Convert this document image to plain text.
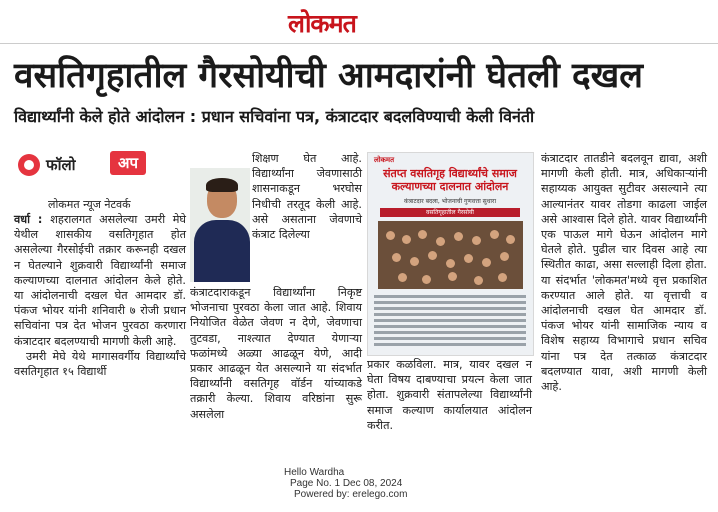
लोकमत
वसतिगृहातील गैरसोयीची आमदारांनी घेतली दखल
विद्यार्थ्यांनी केले होते आंदोलन : प्रधान सचिवांना पत्र, कंत्राटदार बदलविण्याची केली विनंती
फॉलो	अप
लोकमत न्यूज नेटवर्क

वर्धा : शहरालगत असलेल्या उमरी मेघे येथील शासकीय वसतिगृहात होत असलेल्या गैरसोईची तक्रार करूनही दखल न घेतल्याने शुक्रवारी विद्यार्थ्यांनी समाज कल्याणच्या दालनात आंदोलन केले होते. या आंदोलनाची दखल घेत आमदार डॉ. पंकज भोयर यांनी शनिवारी ७ रोजी प्रधान सचिवांना पत्र देत भोजन पुरवठा करणारा कंत्राटदार बदलण्याची मागणी केली आहे.

उमरी मेघे येथे मागासवर्गीय विद्यार्थ्यांचे वसतिगृहात १५ विद्यार्थी

शिक्षण घेत आहे. विद्यार्थ्यांना जेवणासाठी शासनाकडून भरघोस निधीची तरतूद केली आहे. असे असताना जेवणाचे कंत्राट दिलेल्या
कंत्राटदाराकडून विद्यार्थ्यांना निकृष्ट भोजनाचा पुरवठा केला जात आहे. शिवाय नियोजित वेळेत जेवण न देणे, जेवणाचा तुटवडा, नाश्त्यात देण्यात येणाऱ्या फळांमध्ये अळ्या आढळून येणे, आदी प्रकार आढळून येत असल्याने या संदर्भात विद्यार्थ्यांनी वसतिगृह वॉर्डन यांच्याकडे तक्रारी केल्या. शिवाय वरिष्ठांना सुरू असलेला
लोकमत
संतप्त वसतिगृह विद्यार्थ्यांचे समाज कल्याणच्या दालनात आंदोलन
कंत्राटदार बदला, भोजनाची गुणवत्ता सुधारा
वसतिगृहातील गैरसोयी
प्रकार कळविला. मात्र, यावर दखल न घेता विषय दाबण्याचा प्रयत्न केला जात होता. शुक्रवारी संतापलेल्या विद्यार्थ्यांनी समाज कल्याण कार्यालयात आंदोलन करीत.
कंत्राटदार तातडीने बदलवून द्यावा, अशी मागणी केली होती. मात्र, अधिकाऱ्यांनी सहाय्यक आयुक्त सुटीवर असल्याने त्या आल्यानंतर यावर तोडगा काढला जाईल असे आश्वास दिले होते. यावर विद्यार्थ्यांनी एक पाऊल मागे घेऊन आंदोलन मागे घेतले होते. पुढील चार दिवस आहे त्या स्थितीत काढा, असा सल्लाही दिला होता. या संदर्भात 'लोकमत'मध्ये वृत्त प्रकाशित करण्यात आले होते. या वृत्ताची व आंदोलनाची दखल घेत आमदार डॉ. पंकज भोयर यांनी सामाजिक न्याय व विशेष सहाय्य विभागाचे प्रधान सचिव यांना पत्र देत तत्काळ कंत्राटदार बदलण्यात यावा, अशी मागणी केली आहे.
Hello Wardha
Page No. 1 Dec 08, 2024
Powered by: erelego.com
